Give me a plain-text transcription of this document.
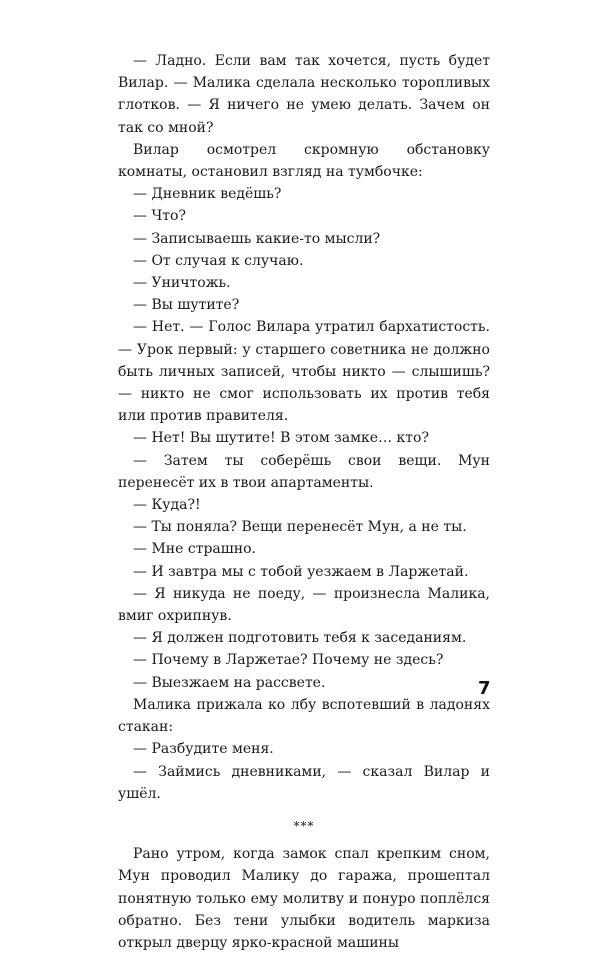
— Ладно. Если вам так хочется, пусть будет Вилар. — Малика сделала несколько торопливых глотков. — Я ничего не умею делать. Зачем он так со мной?

Вилар осмотрел скромную обстановку комнаты, остановил взгляд на тумбочке:

— Дневник ведёшь?

— Что?

— Записываешь какие-то мысли?

— От случая к случаю.

— Уничтожь.

— Вы шутите?

— Нет. — Голос Вилара утратил бархатистость. — Урок первый: у старшего советника не должно быть личных записей, чтобы никто — слышишь? — никто не смог использовать их против тебя или против правителя.

— Нет! Вы шутите! В этом замке… кто?

— Затем ты соберёшь свои вещи. Мун перенесёт их в твои апартаменты.

— Куда?!

— Ты поняла? Вещи перенесёт Мун, а не ты.

— Мне страшно.

— И завтра мы с тобой уезжаем в Ларжетай.

— Я никуда не поеду, — произнесла Малика, вмиг охрипнув.

— Я должен подготовить тебя к заседаниям.

— Почему в Ларжетае? Почему не здесь?

— Выезжаем на рассвете.

Малика прижала ко лбу вспотевший в ладонях стакан:

— Разбудите меня.

— Займись дневниками, — сказал Вилар и ушёл.

***

Рано утром, когда замок спал крепким сном, Мун проводил Малику до гаража, прошептал понятную только ему молитву и понуро поплёлся обратно. Без тени улыбки водитель маркиза открыл дверцу ярко-красной машины

7
